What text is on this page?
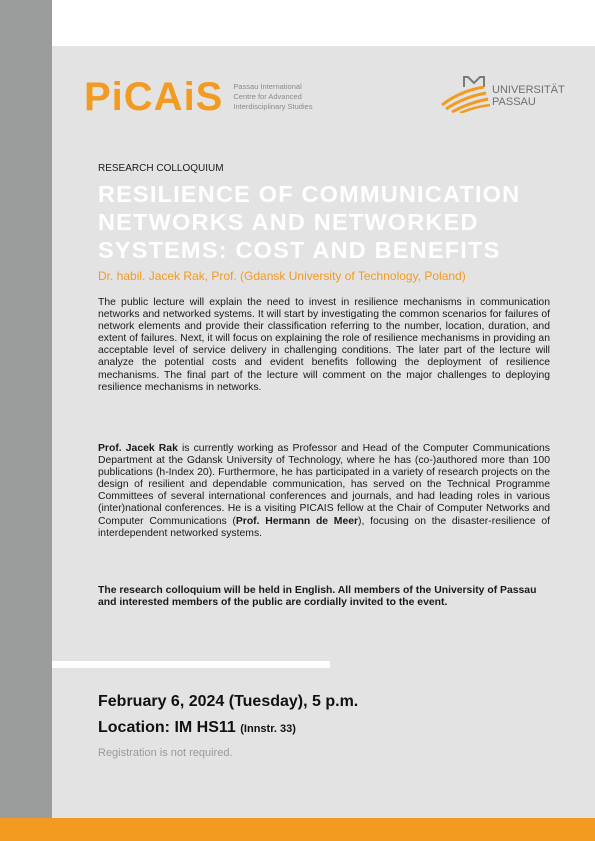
PiCAiS Passau International
Centre for Advanced
Interdisciplinary Studies
UNIVERSITÄT
PASSAU
RESEARCH COLLOQUIUM
RESILIENCE OF COMMUNICATION NETWORKS AND NETWORKED SYSTEMS: COST AND BENEFITS
Dr. habil. Jacek Rak, Prof. (Gdansk University of Technology, Poland)

The public lecture will explain the need to invest in resilience mechanisms in communication networks and networked systems. It will start by investigating the common scenarios for failures of network elements and provide their classification referring to the number, location, duration, and extent of failures. Next, it will focus on explaining the role of resilience mechanisms in providing an acceptable level of service delivery in challenging conditions. The later part of the lecture will analyze the potential costs and evident benefits following the deployment of resilience mechanisms. The final part of the lecture will comment on the major challenges to deploying resilience mechanisms in networks.

Prof. Jacek Rak is currently working as Professor and Head of the Computer Communications Department at the Gdansk University of Technology, where he has (co-)authored more than 100 publications (h-Index 20). Furthermore, he has participated in a variety of research projects on the design of resilient and dependable communication, has served on the Technical Programme Committees of several international conferences and journals, and had leading roles in various (inter)national conferences. He is a visiting PICAIS fellow at the Chair of Computer Networks and Computer Communications (Prof. Hermann de Meer), focusing on the disaster-resilience of interdependent networked systems.

The research colloquium will be held in English. All members of the University of Passau and interested members of the public are cordially invited to the event.

February 6, 2024 (Tuesday), 5 p.m.
Location: IM HS11 (Innstr. 33)
Registration is not required.
